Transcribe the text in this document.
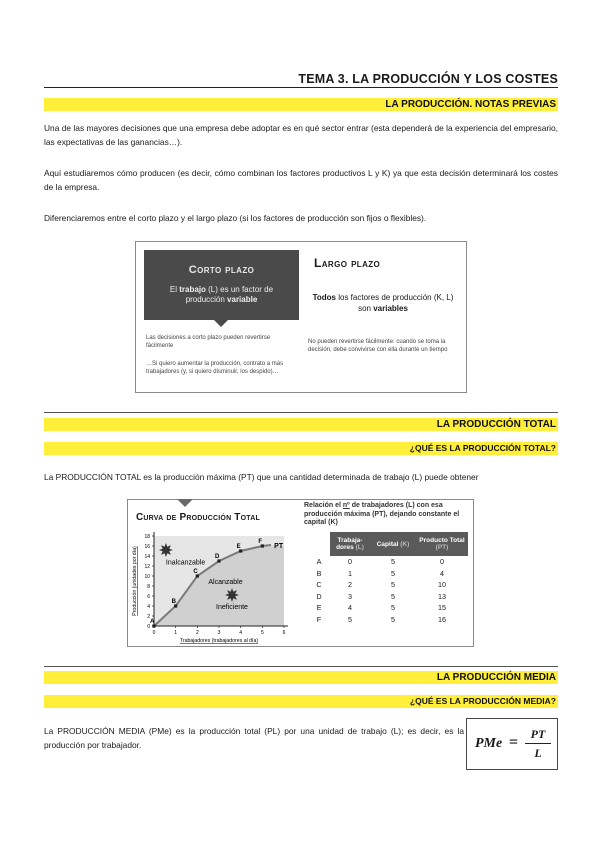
TEMA 3. LA PRODUCCIÓN Y LOS COSTES
LA PRODUCCIÓN. NOTAS PREVIAS
Una de las mayores decisiones que una empresa debe adoptar es en qué sector entrar (esta dependerá de la experiencia del empresario, las expectativas de las ganancias…).
Aquí estudiaremos cómo producen (es decir, cómo combinan los factores productivos L y K) ya que esta decisión determinará los costes de la empresa.
Diferenciaremos entre el corto plazo y el largo plazo (si los factores de producción son fijos o flexibles).
Corto plazo
El trabajo (L) es un factor de producción variable
Las decisiones a corto plazo pueden revertirse fácilmente
…Si quiero aumentar la producción, contrato a más trabajadores (y, si quiero disminuir, los despido)…
Largo plazo
Todos los factores de producción (K, L) son variables
No pueden revertirse fácilmente: cuando se toma la decisión, debe convivirse con ella durante un tiempo
LA PRODUCCIÓN TOTAL
¿QUÉ ES LA PRODUCCIÓN TOTAL?
La PRODUCCIÓN TOTAL es la producción máxima (PT) que una cantidad determinada de trabajo (L) puede obtener
Curva de Producción Total
0	1	2	3	4	5	6
0
2
4
6
8
10
12
14
16
18
A
B
C
D
E
F
PT
Inalcanzable
Alcanzable
Ineficiente
Trabajadores (trabajadores al día)
Producción (unidades por día)
Relación el nº de trabajadores (L) con esa producción máxima (PT), dejando constante el capital (K)
	Trabaja-dores (L)	Capital (K)	Producto Total (PT)
A	0	5	0
B	1	5	4
C	2	5	10
D	3	5	13
E	4	5	15
F	5	5	16
LA PRODUCCIÓN MEDIA
¿QUÉ ES LA PRODUCCIÓN MEDIA?
La PRODUCCIÓN MEDIA (PMe) es la producción total (PL) por una unidad de trabajo (L); es decir, es la producción por trabajador.	PMe =	PT
L
